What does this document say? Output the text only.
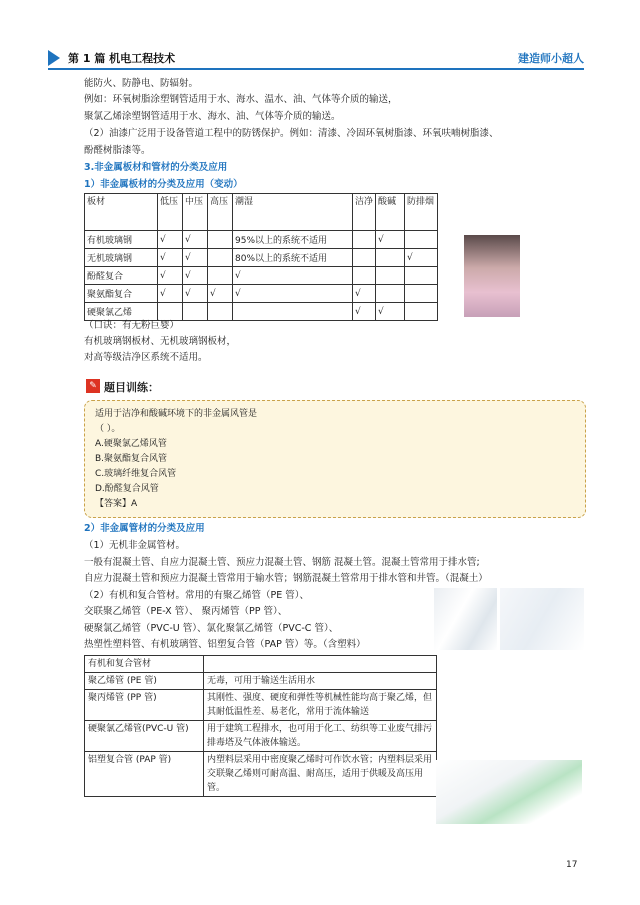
第 1 篇 机电工程技术	建造师小超人
能防火、防静电、防辐射。
例如：环氧树脂涂塑钢管适用于水、海水、温水、油、气体等介质的输送，
聚氯乙烯涂塑钢管适用于水、海水、油、气体等介质的输送。
（2）油漆广泛用于设备管道工程中的防锈保护。例如：清漆、冷固环氧树脂漆、环氧呋喃树脂漆、
酚醛树脂漆等。
3.非金属板材和管材的分类及应用
1）非金属板材的分类及应用（变动）
板材	低压	中压	高压	潮湿	洁净	酸碱	防排烟
有机玻璃钢	√	√		95%以上的系统不适用		√	
无机玻璃钢	√	√		80%以上的系统不适用			√
酚醛复合	√	√		√			
聚氨酯复合	√	√	√	√	√		
硬聚氯乙烯					√	√	
（口诀：有无粉巨婴）
有机玻璃钢板材、无机玻璃钢板材，
对高等级洁净区系统不适用。
✎ 题目训练：
适用于洁净和酸碱环境下的非金属风管是
（ ）。
A.硬聚氯乙烯风管
B.聚氨酯复合风管
C.玻璃纤维复合风管
D.酚醛复合风管
【答案】A
2）非金属管材的分类及应用
（1）无机非金属管材。
一般有混凝土管、自应力混凝土管、预应力混凝土管、钢筋 混凝土管。混凝土管常用于排水管;
自应力混凝土管和预应力混凝土管常用于输水管；钢筋混凝土管常用于排水管和井管。（混凝土）
（2）有机和复合管材。常用的有聚乙烯管（PE 管）、
交联聚乙烯管（PE-X 管）、 聚丙烯管（PP 管）、
硬聚氯乙烯管（PVC-U 管）、氯化聚氯乙烯管（PVC-C 管）、
热塑性塑料管、有机玻璃管、铝塑复合管（PAP 管）等。（含塑料）
有机和复合管材	
聚乙烯管 (PE 管)	无毒，可用于输送生活用水
聚丙烯管 (PP 管)	其刚性、强度、硬度和弹性等机械性能均高于聚乙烯，但其耐低温性差、易老化，常用于流体输送
硬聚氯乙烯管(PVC-U 管)	用于建筑工程排水，也可用于化工、纺织等工业废气排污排毒塔及气体液体输送。
铝塑复合管 (PAP 管)	内塑料层采用中密度聚乙烯时可作饮水管；内塑料层采用交联聚乙烯则可耐高温、耐高压，适用于供暖及高压用管。
17
